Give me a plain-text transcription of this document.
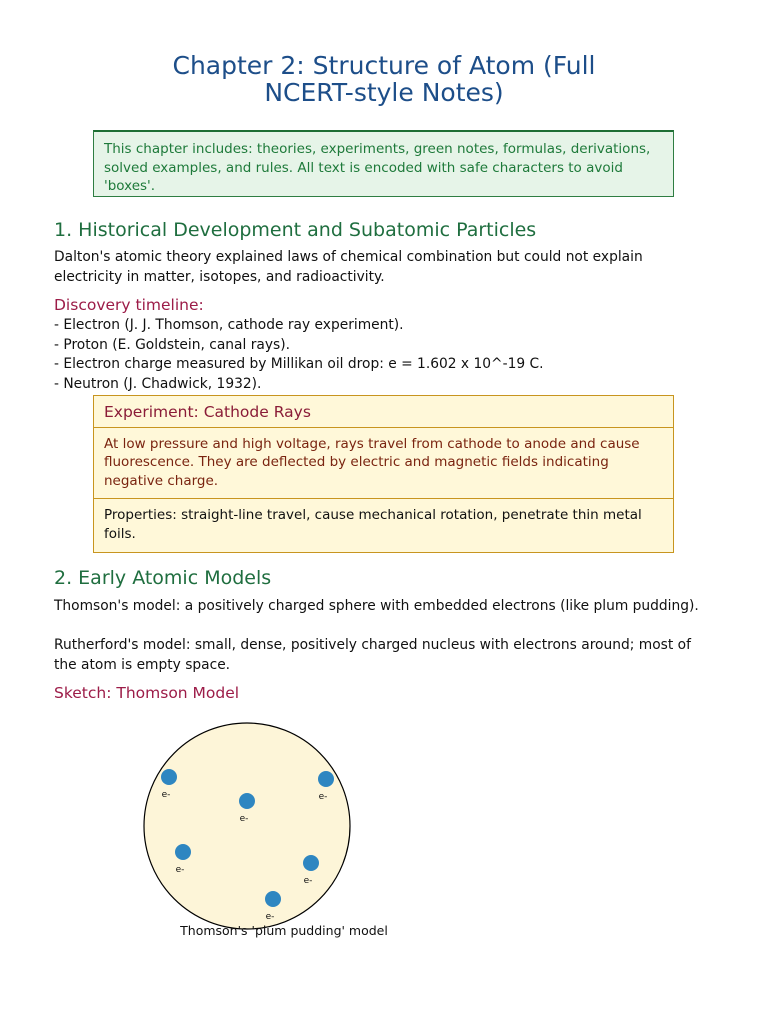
Chapter 2: Structure of Atom (Full
NCERT-style Notes)
This chapter includes: theories, experiments, green notes, formulas, derivations, solved examples, and rules. All text is encoded with safe characters to avoid 'boxes'.
1. Historical Development and Subatomic Particles

Dalton's atomic theory explained laws of chemical combination but could not explain electricity in matter, isotopes, and radioactivity.

Discovery timeline:
- Electron (J. J. Thomson, cathode ray experiment).
- Proton (E. Goldstein, canal rays).
- Electron charge measured by Millikan oil drop: e = 1.602 x 10^-19 C.
- Neutron (J. Chadwick, 1932).
Experiment: Cathode Rays
At low pressure and high voltage, rays travel from cathode to anode and cause fluorescence. They are deflected by electric and magnetic fields indicating negative charge.
Properties: straight-line travel, cause mechanical rotation, penetrate thin metal foils.
2. Early Atomic Models

Thomson's model: a positively charged sphere with embedded electrons (like plum pudding).

Rutherford's model: small, dense, positively charged nucleus with electrons around; most of the atom is empty space.

Sketch: Thomson Model
e-	e-
e-
e-
e-
e-
Thomson's 'plum pudding' model
